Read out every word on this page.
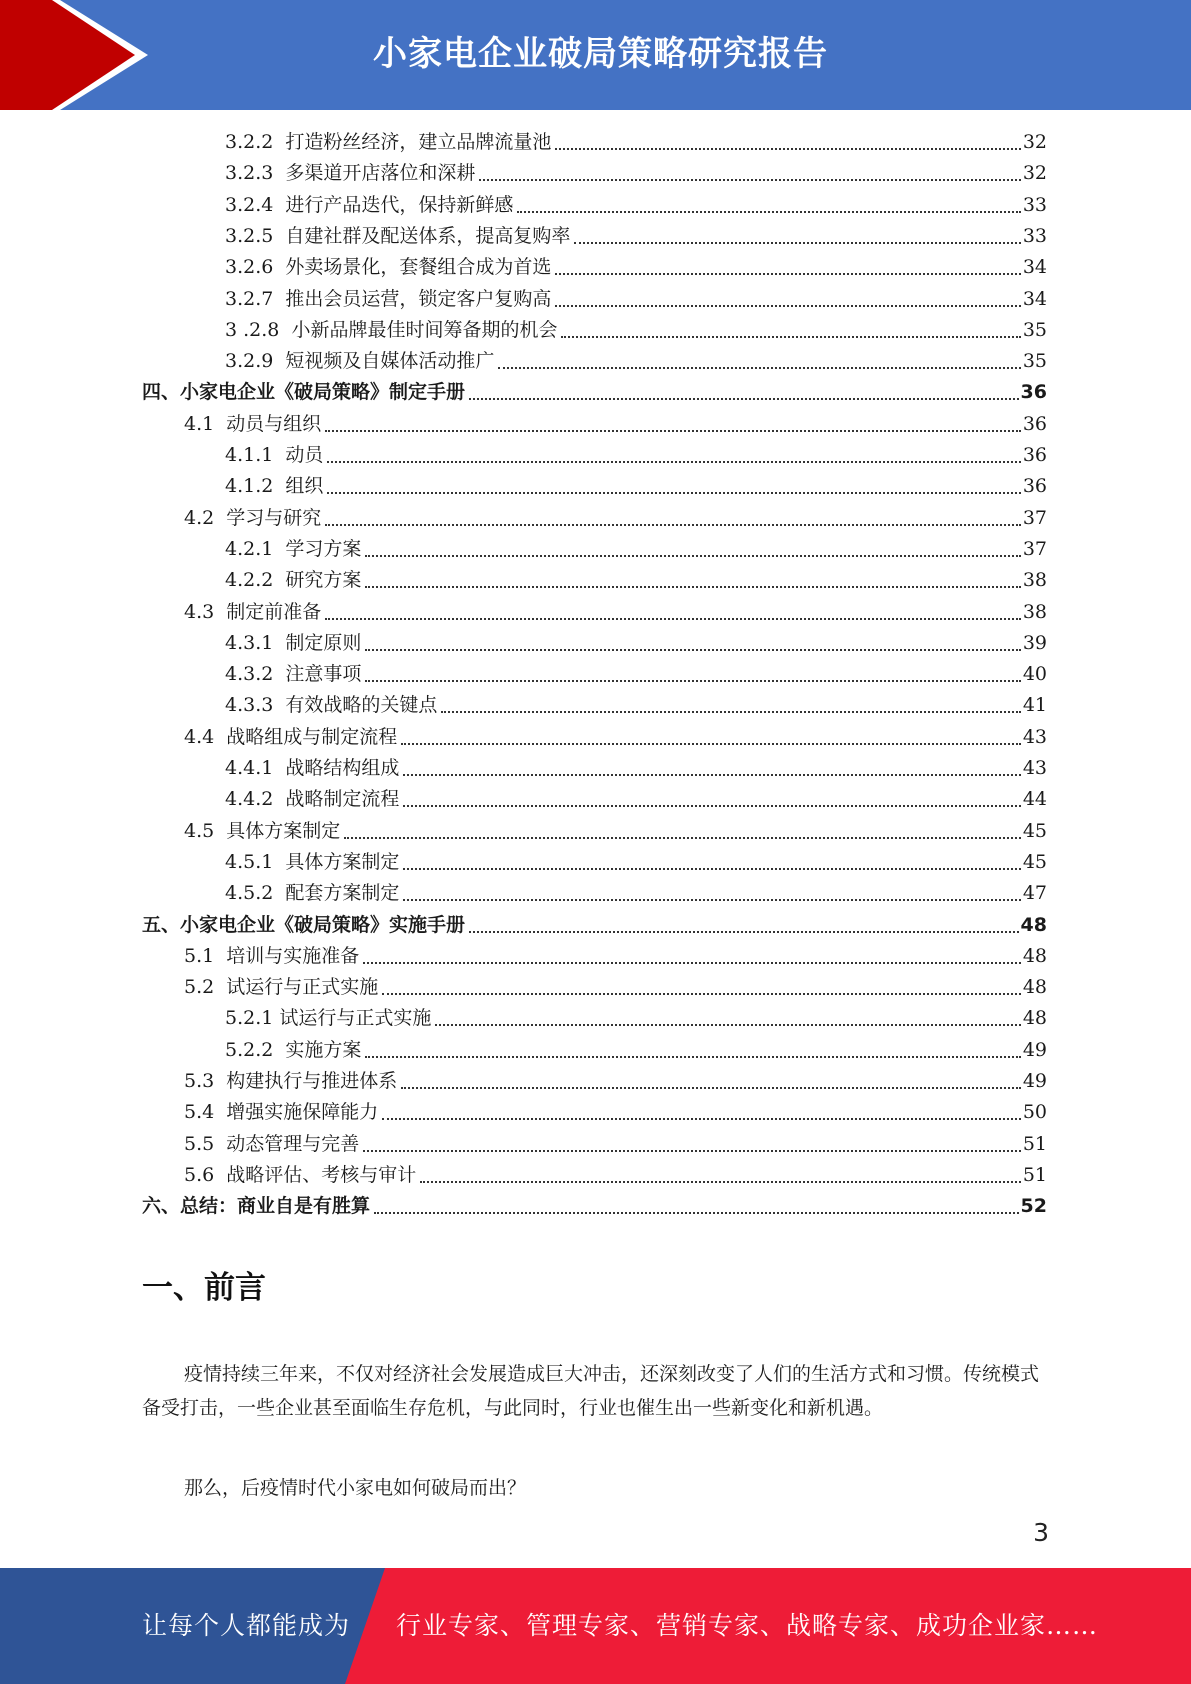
小家电企业破局策略研究报告
3.2.2  打造粉丝经济，建立品牌流量池	32
3.2.3  多渠道开店落位和深耕	32
3.2.4  进行产品迭代，保持新鲜感	33
3.2.5  自建社群及配送体系，提高复购率	33
3.2.6  外卖场景化，套餐组合成为首选	34
3.2.7  推出会员运营，锁定客户复购高	34
3 .2.8  小新品牌最佳时间筹备期的机会	35
3.2.9  短视频及自媒体活动推广	35
四、小家电企业《破局策略》制定手册	36
4.1  动员与组织	36
4.1.1  动员	36
4.1.2  组织	36
4.2  学习与研究	37
4.2.1  学习方案	37
4.2.2  研究方案	38
4.3  制定前准备	38
4.3.1  制定原则	39
4.3.2  注意事项	40
4.3.3  有效战略的关键点	41
4.4  战略组成与制定流程	43
4.4.1  战略结构组成	43
4.4.2  战略制定流程	44
4.5  具体方案制定	45
4.5.1  具体方案制定	45
4.5.2  配套方案制定	47
五、小家电企业《破局策略》实施手册	48
5.1  培训与实施准备	48
5.2  试运行与正式实施	48
5.2.1 试运行与正式实施	48
5.2.2  实施方案	49
5.3  构建执行与推进体系	49
5.4  增强实施保障能力	50
5.5  动态管理与完善	51
5.6  战略评估、考核与审计	51
六、总结：商业自是有胜算	52
一、前言
疫情持续三年来，不仅对经济社会发展造成巨大冲击，还深刻改变了人们的生活方式和习惯。传统模式备受打击，一些企业甚至面临生存危机，与此同时，行业也催生出一些新变化和新机遇。
那么，后疫情时代小家电如何破局而出？
3
让每个人都能成为 行业专家、管理专家、营销专家、战略专家、成功企业家……
